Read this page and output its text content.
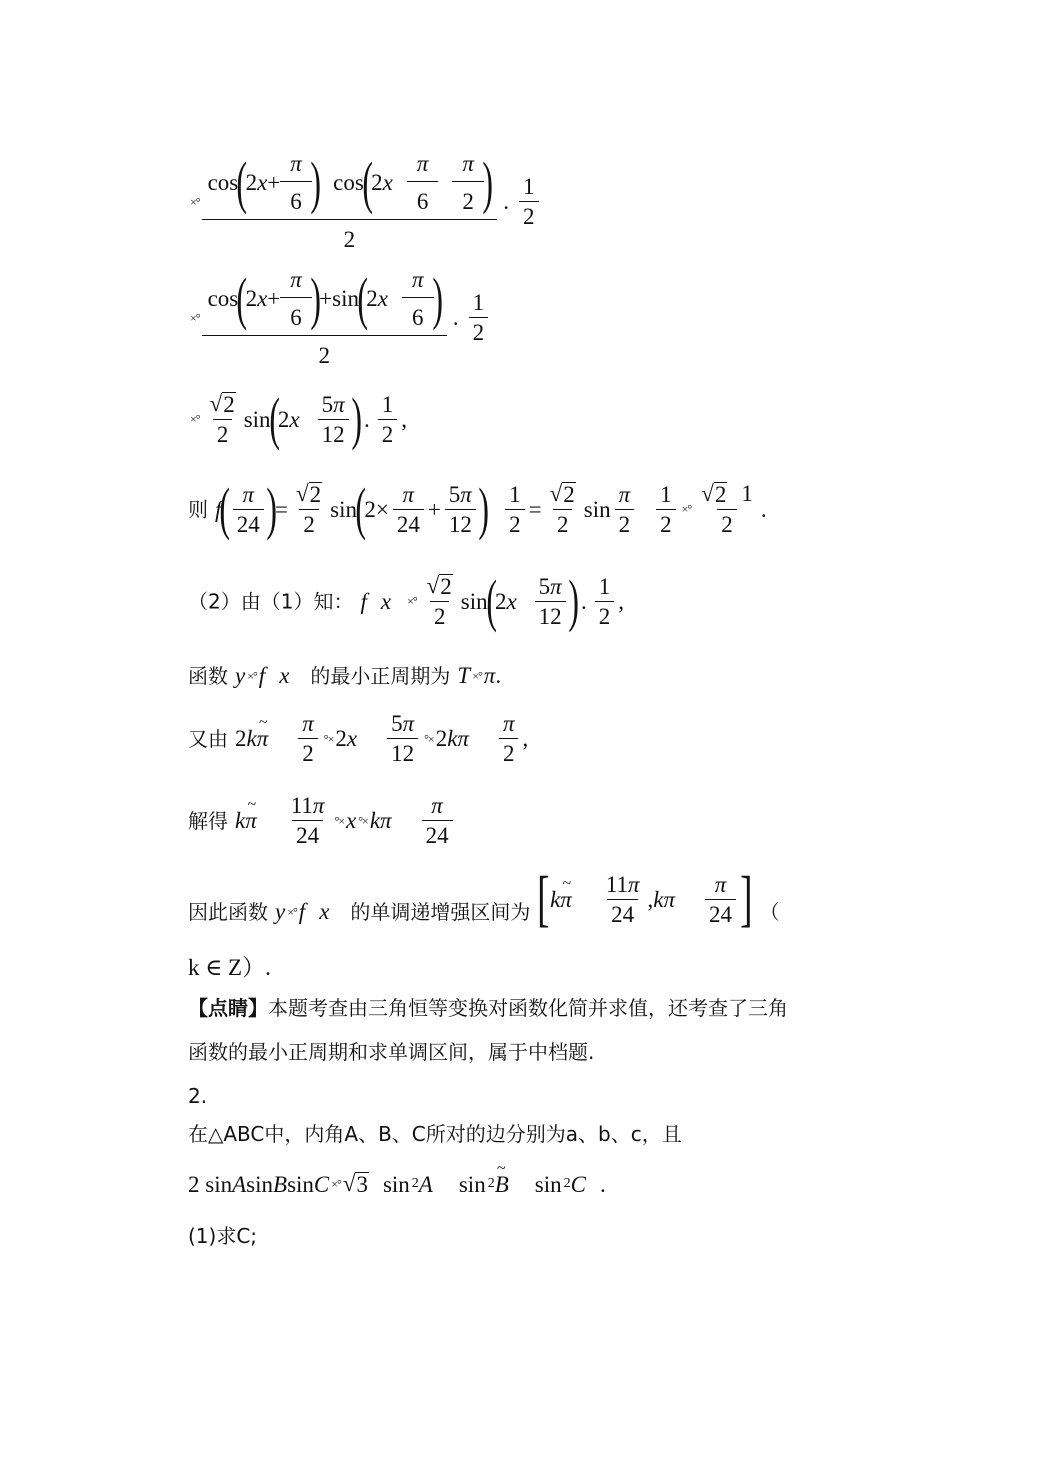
×°
cos
(
2 $x + \frac{\pi}{6}$ ) cos
(
2 x $\frac{\pi}{6} \frac{\pi}{2}$ )
2
. $\frac{1}{2}$
×° cos
(
2 $x + \frac{\pi}{6}$ )
+sin
(
2 x $\frac{\pi}{6}$ )
2 . $\frac{1}{2}$
×° $\frac{√ 2}{2}$ sin
(
2 x $\frac{5\pi}{12}$ ) . $\frac{1}{2}$ ,
则 f
( $\frac{\pi}{24}$ )
= $\frac{√ 2}{2}$ sin
(
$2\times \frac{\pi}{24} + \frac{5\pi}{12}$ ) $\frac{1}{2} = \frac{√ 2}{2}$ $\sin \frac{\pi}{2} \frac{1}{2}$ ×° $\frac{√ 2 1}{2}$ .
（2）由（1）知： f x ×° $\frac{√ 2}{2}$ sin
(
2 x $\frac{5\pi}{12}$ ) . $\frac{1}{2}$ ,
函数 y ×° f x 的最小正周期为 T ×° π .
又由 2 k ~ π $\frac{\pi}{2}$ °× 2 x $\frac{5\pi}{12}$ °× 2 k π $\frac{\pi}{2}$ ,
解得 k ~ π $\frac{11\pi}{24}$ °× x °× k π $\frac{\pi}{24}$
因此函数 y ×° f x 的单调递增强区间为 [ k ~ π $\frac{11\pi}{24}$ , k π $\frac{\pi}{24}$ ] （
k ∈ Z）.
【点睛】本题考查由三角恒等变换对函数化简并求值，还考查了三角
函数的最小正周期和求单调区间，属于中档题.
2.
在△ABC中，内角A、B、C所对的边分别为a、b、c，且
2 sin A sin B sin C ×° √ 3 sin 2 A sin 2 ~ B sin 2 C .
(1)求C;
